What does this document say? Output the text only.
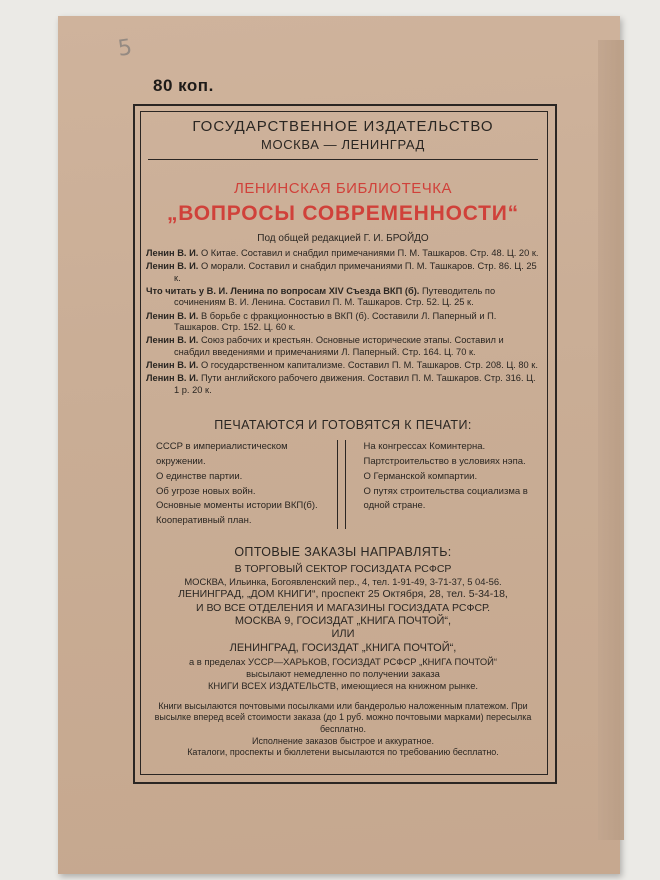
5
80 коп.
ГОСУДАРСТВЕННОЕ ИЗДАТЕЛЬСТВО
МОСКВА — ЛЕНИНГРАД
ЛЕНИНСКАЯ БИБЛИОТЕЧКА
„ВОПРОСЫ СОВРЕМЕННОСТИ“
Под общей редакцией Г. И. БРОЙДО
Ленин В. И. О Китае. Составил и снабдил примечаниями П. М. Ташкаров. Стр. 48. Ц. 20 к.
Ленин В. И. О морали. Составил и снабдил примечаниями П. М. Ташкаров. Стр. 86. Ц. 25 к.
Что читать у В. И. Ленина по вопросам XIV Съезда ВКП (б). Путеводитель по сочинениям В. И. Ленина. Составил П. М. Ташкаров. Стр. 52. Ц. 25 к.
Ленин В. И. В борьбе с фракционностью в ВКП (б). Составили Л. Паперный и П. Ташкаров. Стр. 152. Ц. 60 к.
Ленин В. И. Союз рабочих и крестьян. Основные исторические этапы. Составил и снабдил введениями и примечаниями Л. Паперный. Стр. 164. Ц. 70 к.
Ленин В. И. О государственном капитализме. Составил П. М. Ташкаров. Стр. 208. Ц. 80 к.
Ленин В. И. Пути английского рабочего движения. Составил П. М. Ташкаров. Стр. 316. Ц. 1 р. 20 к.
ПЕЧАТАЮТСЯ И ГОТОВЯТСЯ К ПЕЧАТИ:
СССР в империалистическом окружении.
О единстве партии.
Об угрозе новых войн.
Основные моменты истории ВКП(б).
Кооперативный план.
На конгрессах Коминтерна.
Партстроительство в условиях нэпа.
О Германской компартии.
О путях строительства социализма в одной стране.
ОПТОВЫЕ ЗАКАЗЫ НАПРАВЛЯТЬ:
В ТОРГОВЫЙ СЕКТОР ГОСИЗДАТА РСФСР
МОСКВА, Ильинка, Богоявленский пер., 4, тел. 1-91-49, 3-71-37, 5 04-56.
ЛЕНИНГРАД, „ДОМ КНИГИ“, проспект 25 Октября, 28, тел. 5-34-18,
И ВО ВСЕ ОТДЕЛЕНИЯ И МАГАЗИНЫ ГОСИЗДАТА РСФСР.
МОСКВА 9, ГОСИЗДАТ „КНИГА ПОЧТОЙ“,
ИЛИ
ЛЕНИНГРАД, ГОСИЗДАТ „КНИГА ПОЧТОЙ“,
а в пределах УССР—ХАРЬКОВ, ГОСИЗДАТ РСФСР „КНИГА ПОЧТОЙ“
высылают немедленно по получении заказа
КНИГИ ВСЕХ ИЗДАТЕЛЬСТВ, имеющиеся на книжном рынке.
Книги высылаются почтовыми посылками или бандеролью наложенным платежом. При высылке вперед всей стоимости заказа (до 1 руб. можно почтовыми марками) пересылка бесплатно.
Исполнение заказов быстрое и аккуратное.
Каталоги, проспекты и бюллетени высылаются по требованию бесплатно.
